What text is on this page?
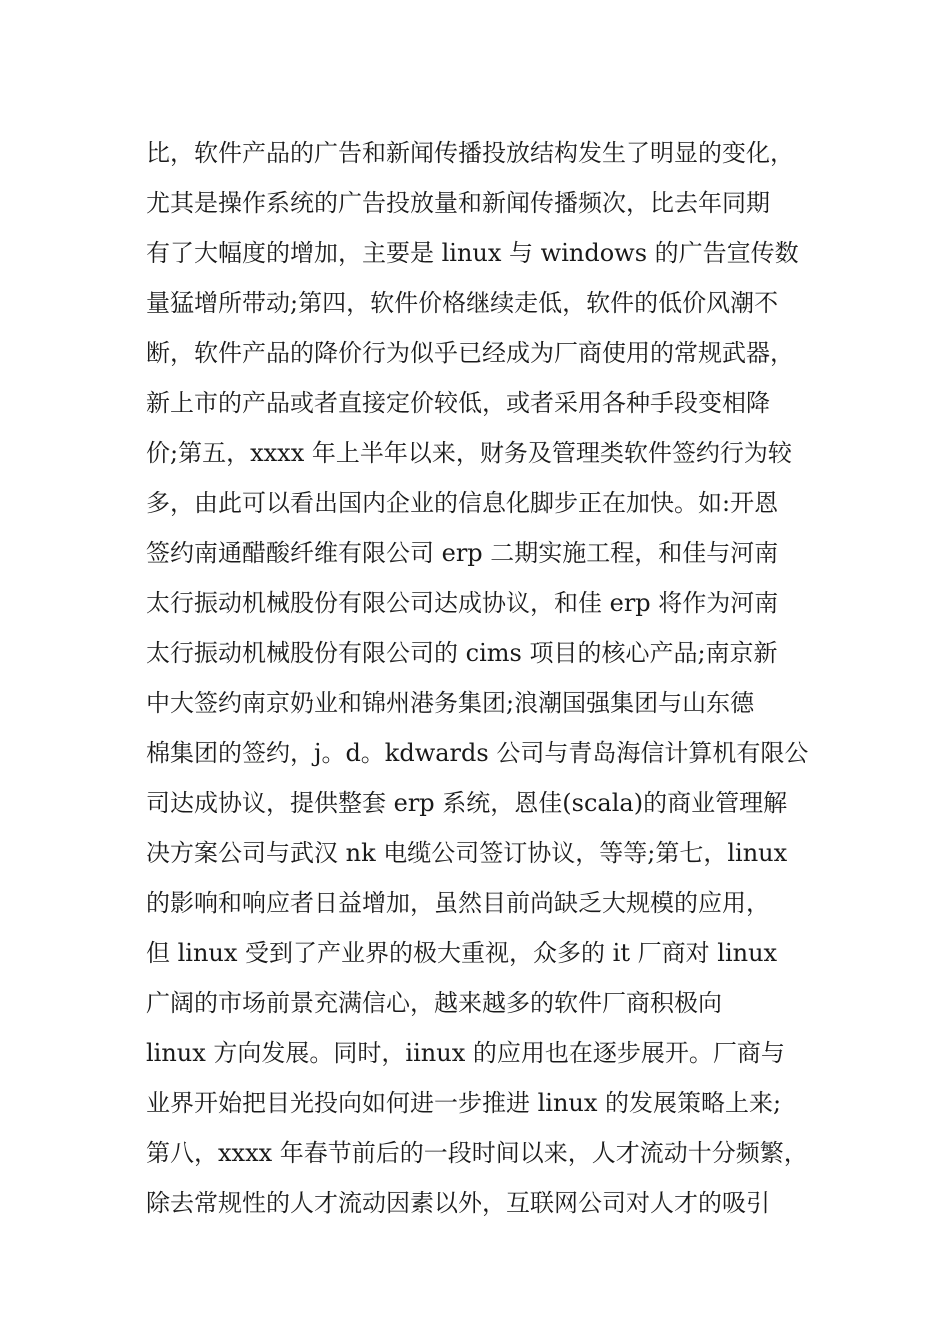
比，软件产品的广告和新闻传播投放结构发生了明显的变化，
尤其是操作系统的广告投放量和新闻传播频次，比去年同期
有了大幅度的增加，主要是 linux 与 windows 的广告宣传数
量猛增所带动;第四，软件价格继续走低，软件的低价风潮不
断，软件产品的降价行为似乎已经成为厂商使用的常规武器，
新上市的产品或者直接定价较低，或者采用各种手段变相降
价;第五，xxxx 年上半年以来，财务及管理类软件签约行为较
多，由此可以看出国内企业的信息化脚步正在加快。如:开恩
签约南通醋酸纤维有限公司 erp 二期实施工程，和佳与河南
太行振动机械股份有限公司达成协议，和佳 erp 将作为河南
太行振动机械股份有限公司的 cims 项目的核心产品;南京新
中大签约南京奶业和锦州港务集团;浪潮国强集团与山东德
棉集团的签约，j。d。kdwards 公司与青岛海信计算机有限公
司达成协议，提供整套 erp 系统，恩佳(scala)的商业管理解
决方案公司与武汉 nk 电缆公司签订协议，等等;第七，linux
的影响和响应者日益增加，虽然目前尚缺乏大规模的应用，
但 linux 受到了产业界的极大重视，众多的 it 厂商对 linux
广阔的市场前景充满信心，越来越多的软件厂商积极向
linux 方向发展。同时，iinux 的应用也在逐步展开。厂商与
业界开始把目光投向如何进一步推进 linux 的发展策略上来;
第八，xxxx 年春节前后的一段时间以来，人才流动十分频繁，
除去常规性的人才流动因素以外，互联网公司对人才的吸引
